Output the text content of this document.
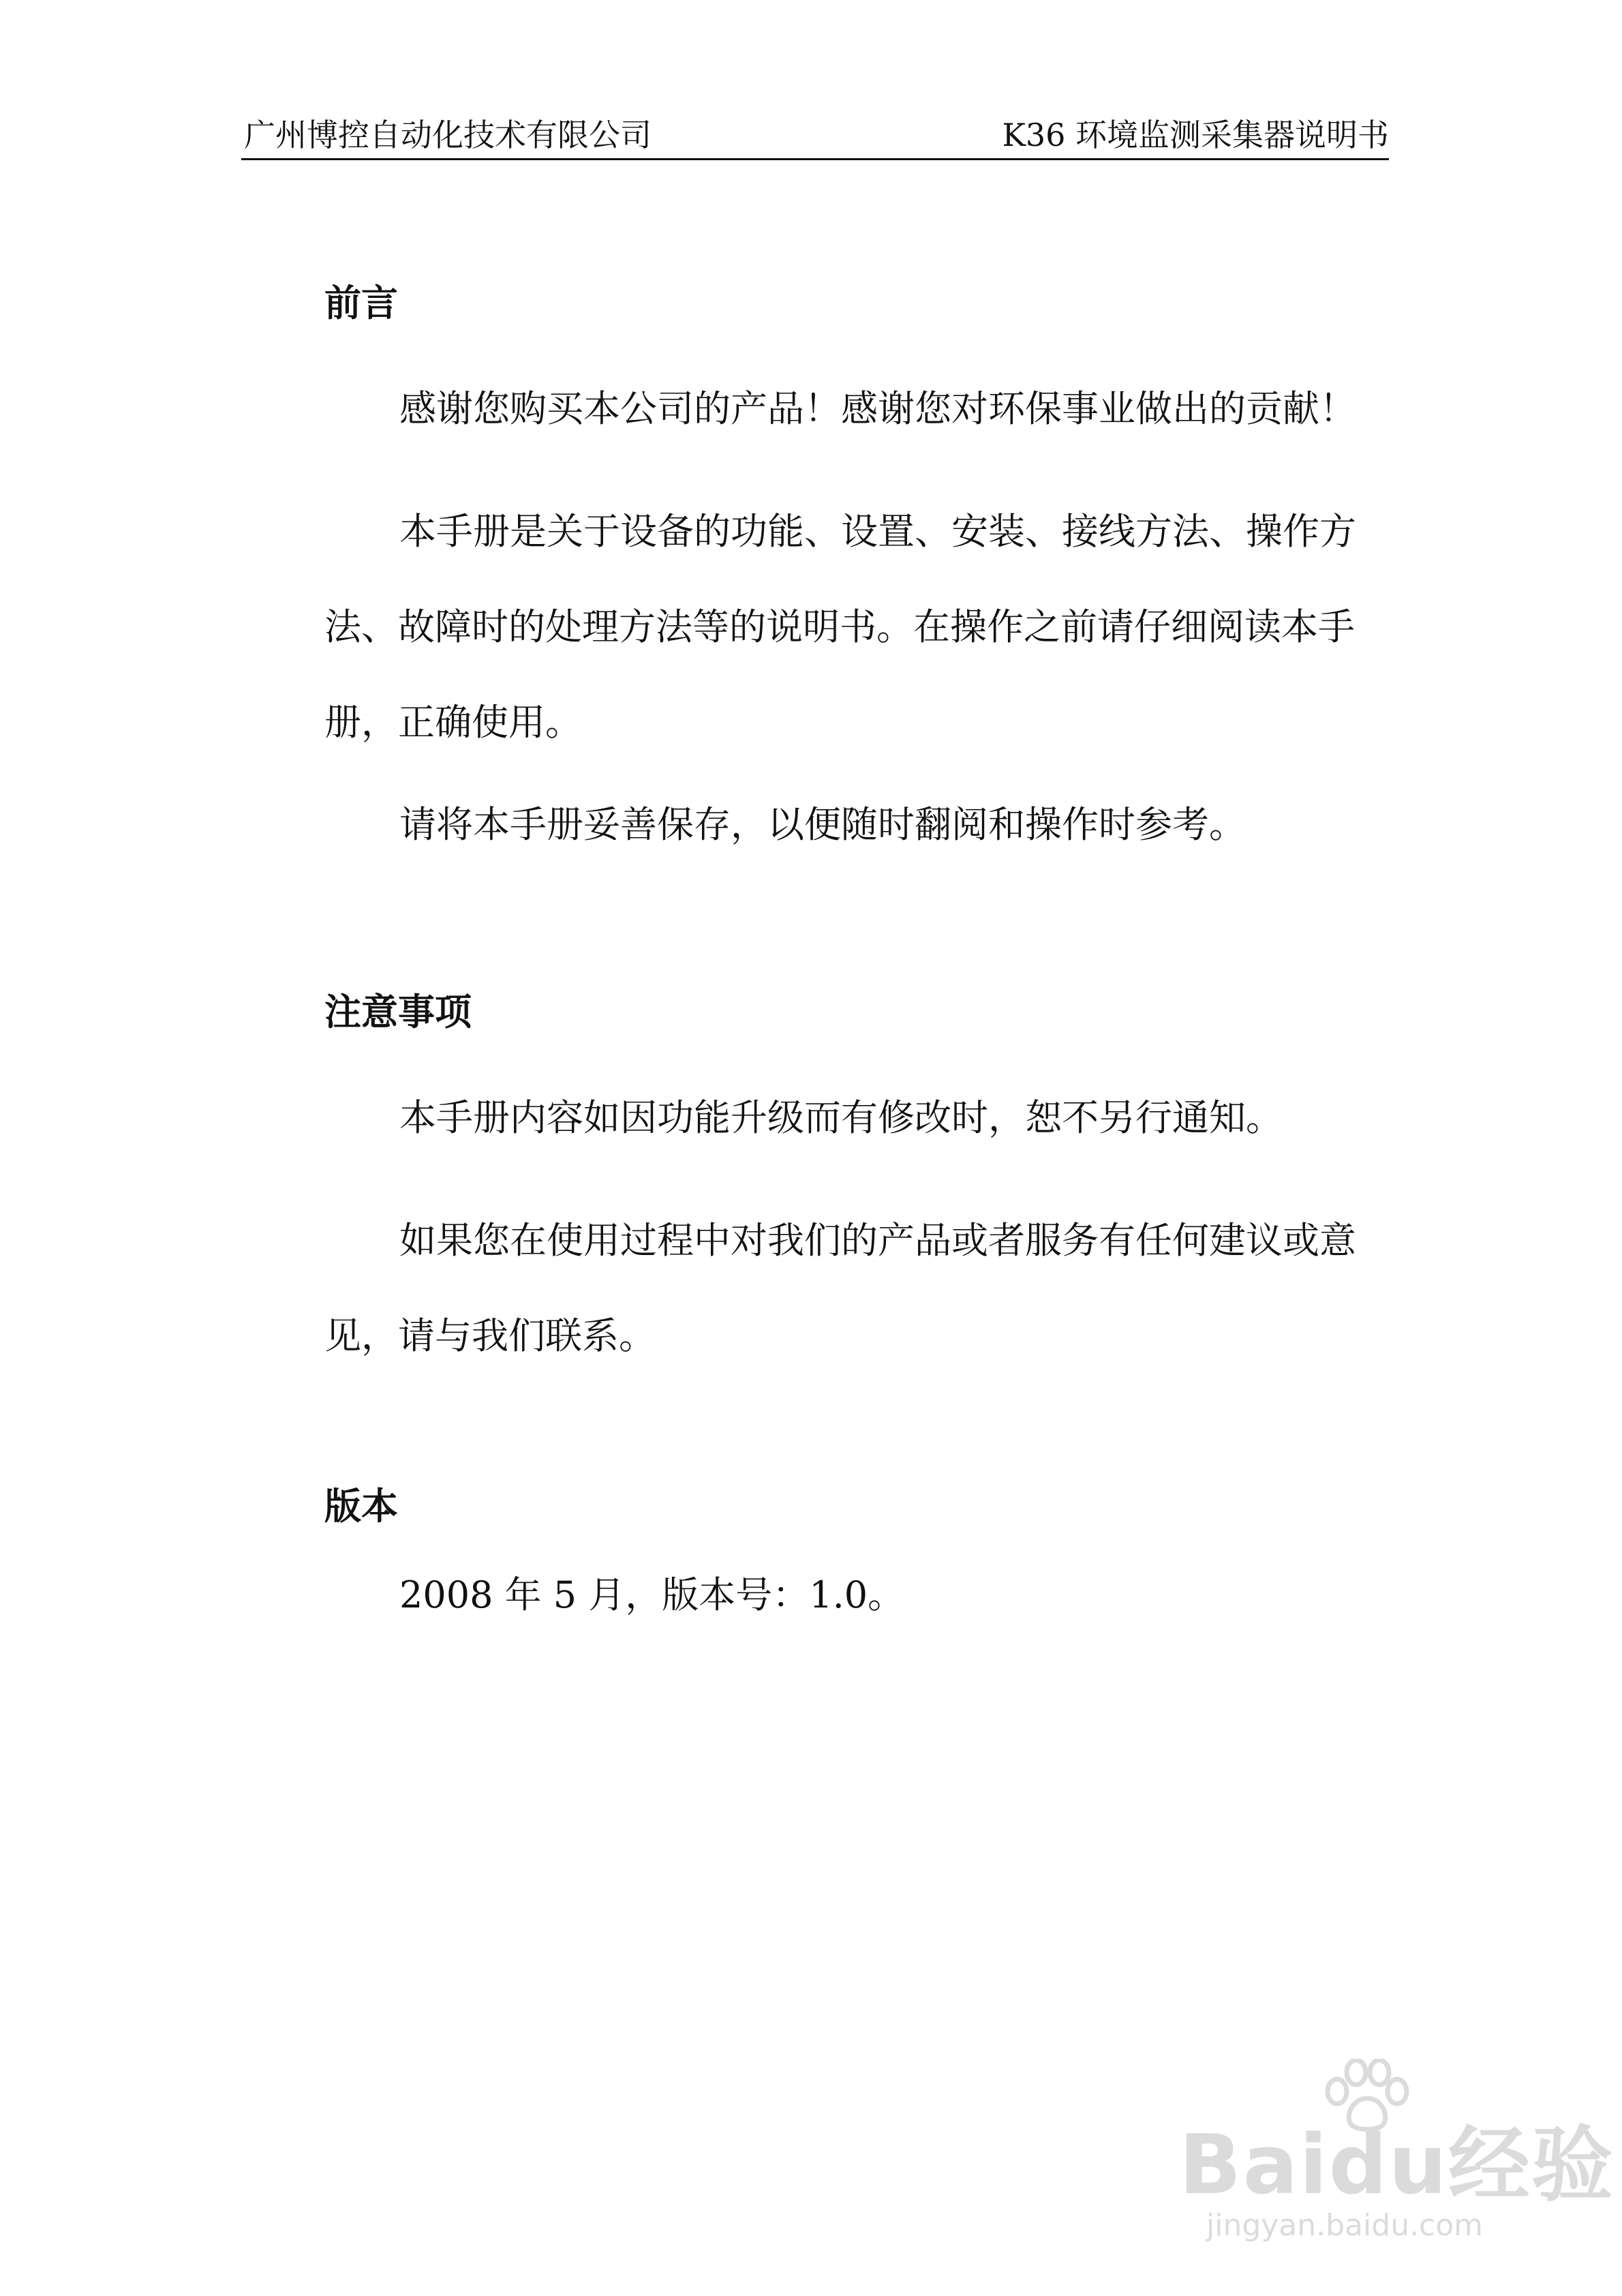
广州博控自动化技术有限公司	K36 环境监测采集器说明书
前言
感谢您购买本公司的产品！感谢您对环保事业做出的贡献！
本手册是关于设备的功能、设置、安装、接线方法、操作方法、故障时的处理方法等的说明书。在操作之前请仔细阅读本手册，正确使用。
请将本手册妥善保存，以便随时翻阅和操作时参考。
注意事项
本手册内容如因功能升级而有修改时，恕不另行通知。
如果您在使用过程中对我们的产品或者服务有任何建议或意见，请与我们联系。
版本
2008 年 5 月，版本号：1.0。
Baidu经验
jingyan.baidu.com
